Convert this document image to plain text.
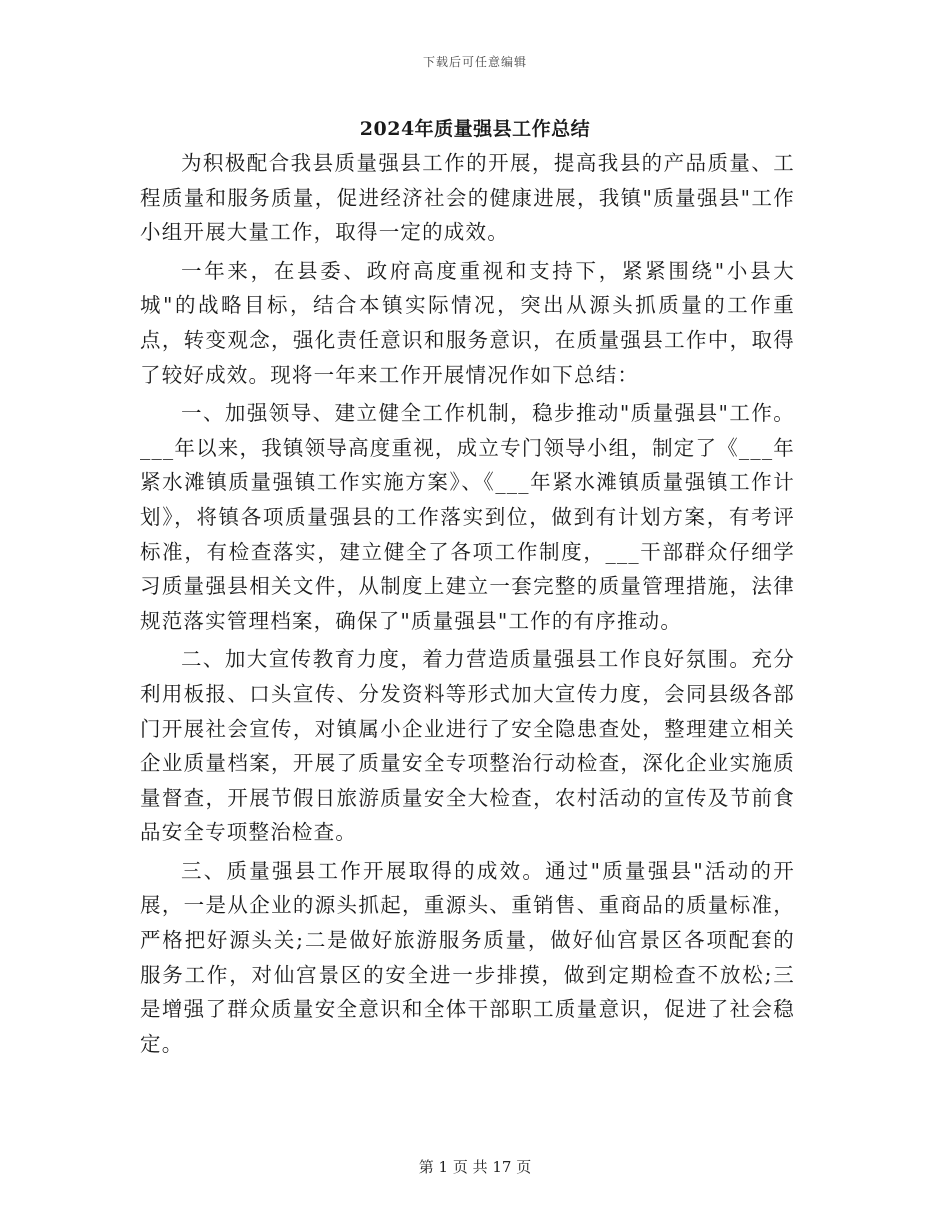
下载后可任意编辑
2024年质量强县工作总结

为积极配合我县质量强县工作的开展，提高我县的产品质量、工程质量和服务质量，促进经济社会的健康进展，我镇"质量强县"工作小组开展大量工作，取得一定的成效。

一年来，在县委、政府高度重视和支持下，紧紧围绕"小县大城"的战略目标，结合本镇实际情况，突出从源头抓质量的工作重点，转变观念，强化责任意识和服务意识，在质量强县工作中，取得了较好成效。现将一年来工作开展情况作如下总结：

一、加强领导、建立健全工作机制，稳步推动"质量强县"工作。___年以来，我镇领导高度重视，成立专门领导小组，制定了《___年紧水滩镇质量强镇工作实施方案》、《___年紧水滩镇质量强镇工作计划》，将镇各项质量强县的工作落实到位，做到有计划方案，有考评标准，有检查落实，建立健全了各项工作制度，___干部群众仔细学习质量强县相关文件，从制度上建立一套完整的质量管理措施，法律规范落实管理档案，确保了"质量强县"工作的有序推动。

二、加大宣传教育力度，着力营造质量强县工作良好氛围。充分利用板报、口头宣传、分发资料等形式加大宣传力度，会同县级各部门开展社会宣传，对镇属小企业进行了安全隐患查处，整理建立相关企业质量档案，开展了质量安全专项整治行动检查，深化企业实施质量督查，开展节假日旅游质量安全大检查，农村活动的宣传及节前食品安全专项整治检查。

三、质量强县工作开展取得的成效。通过"质量强县"活动的开展，一是从企业的源头抓起，重源头、重销售、重商品的质量标准，严格把好源头关;二是做好旅游服务质量，做好仙宫景区各项配套的服务工作，对仙宫景区的安全进一步排摸，做到定期检查不放松;三是增强了群众质量安全意识和全体干部职工质量意识，促进了社会稳定。

第 1 页 共 17 页
